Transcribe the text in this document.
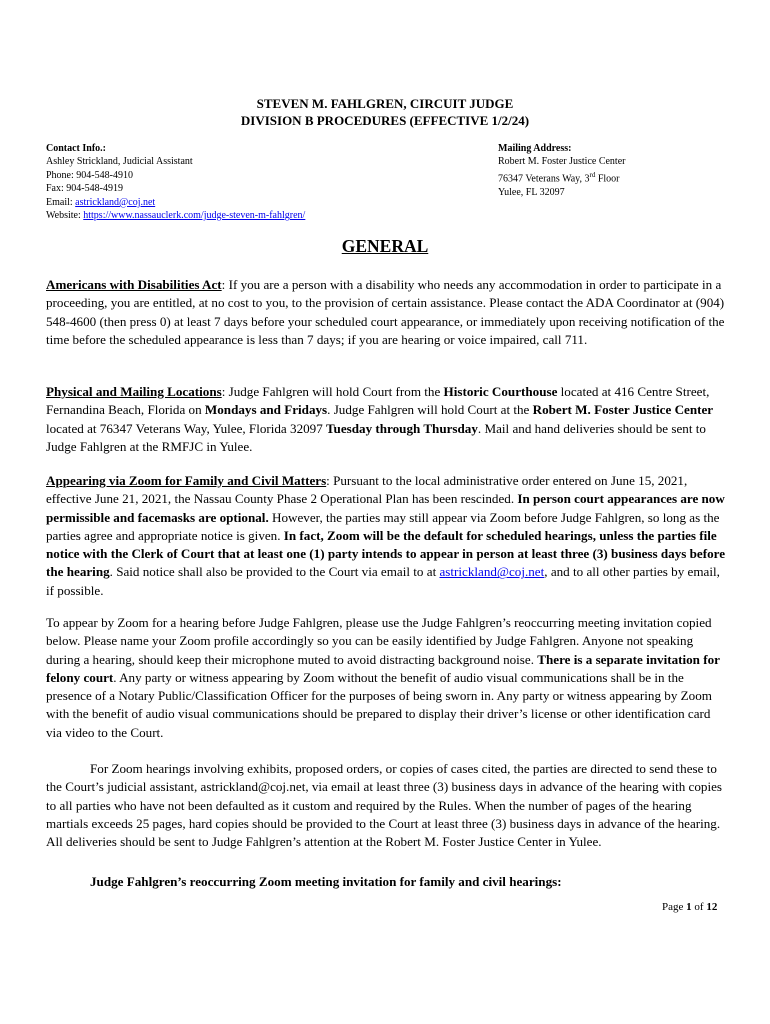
STEVEN M. FAHLGREN, CIRCUIT JUDGE
DIVISION B PROCEDURES (EFFECTIVE 1/2/24)
Contact Info.:
Ashley Strickland, Judicial Assistant
Phone: 904-548-4910
Fax: 904-548-4919
Email: astrickland@coj.net
Website: https://www.nassauclerk.com/judge-steven-m-fahlgren/
Mailing Address:
Robert M. Foster Justice Center
76347 Veterans Way, 3rd Floor
Yulee, FL 32097
GENERAL
Americans with Disabilities Act: If you are a person with a disability who needs any accommodation in order to participate in a proceeding, you are entitled, at no cost to you, to the provision of certain assistance. Please contact the ADA Coordinator at (904) 548-4600 (then press 0) at least 7 days before your scheduled court appearance, or immediately upon receiving notification of the time before the scheduled appearance is less than 7 days; if you are hearing or voice impaired, call 711.
Physical and Mailing Locations: Judge Fahlgren will hold Court from the Historic Courthouse located at 416 Centre Street, Fernandina Beach, Florida on Mondays and Fridays. Judge Fahlgren will hold Court at the Robert M. Foster Justice Center located at 76347 Veterans Way, Yulee, Florida 32097 Tuesday through Thursday. Mail and hand deliveries should be sent to Judge Fahlgren at the RMFJC in Yulee.
Appearing via Zoom for Family and Civil Matters: Pursuant to the local administrative order entered on June 15, 2021, effective June 21, 2021, the Nassau County Phase 2 Operational Plan has been rescinded. In person court appearances are now permissible and facemasks are optional. However, the parties may still appear via Zoom before Judge Fahlgren, so long as the parties agree and appropriate notice is given. In fact, Zoom will be the default for scheduled hearings, unless the parties file notice with the Clerk of Court that at least one (1) party intends to appear in person at least three (3) business days before the hearing. Said notice shall also be provided to the Court via email to at astrickland@coj.net, and to all other parties by email, if possible.
To appear by Zoom for a hearing before Judge Fahlgren, please use the Judge Fahlgren’s reoccurring meeting invitation copied below. Please name your Zoom profile accordingly so you can be easily identified by Judge Fahlgren. Anyone not speaking during a hearing, should keep their microphone muted to avoid distracting background noise. There is a separate invitation for felony court. Any party or witness appearing by Zoom without the benefit of audio visual communications shall be in the presence of a Notary Public/Classification Officer for the purposes of being sworn in. Any party or witness appearing by Zoom with the benefit of audio visual communications should be prepared to display their driver’s license or other identification card via video to the Court.
For Zoom hearings involving exhibits, proposed orders, or copies of cases cited, the parties are directed to send these to the Court’s judicial assistant, astrickland@coj.net, via email at least three (3) business days in advance of the hearing with copies to all parties who have not been defaulted as it custom and required by the Rules. When the number of pages of the hearing martials exceeds 25 pages, hard copies should be provided to the Court at least three (3) business days in advance of the hearing. All deliveries should be sent to Judge Fahlgren’s attention at the Robert M. Foster Justice Center in Yulee.
Judge Fahlgren’s reoccurring Zoom meeting invitation for family and civil hearings:
Page 1 of 12
